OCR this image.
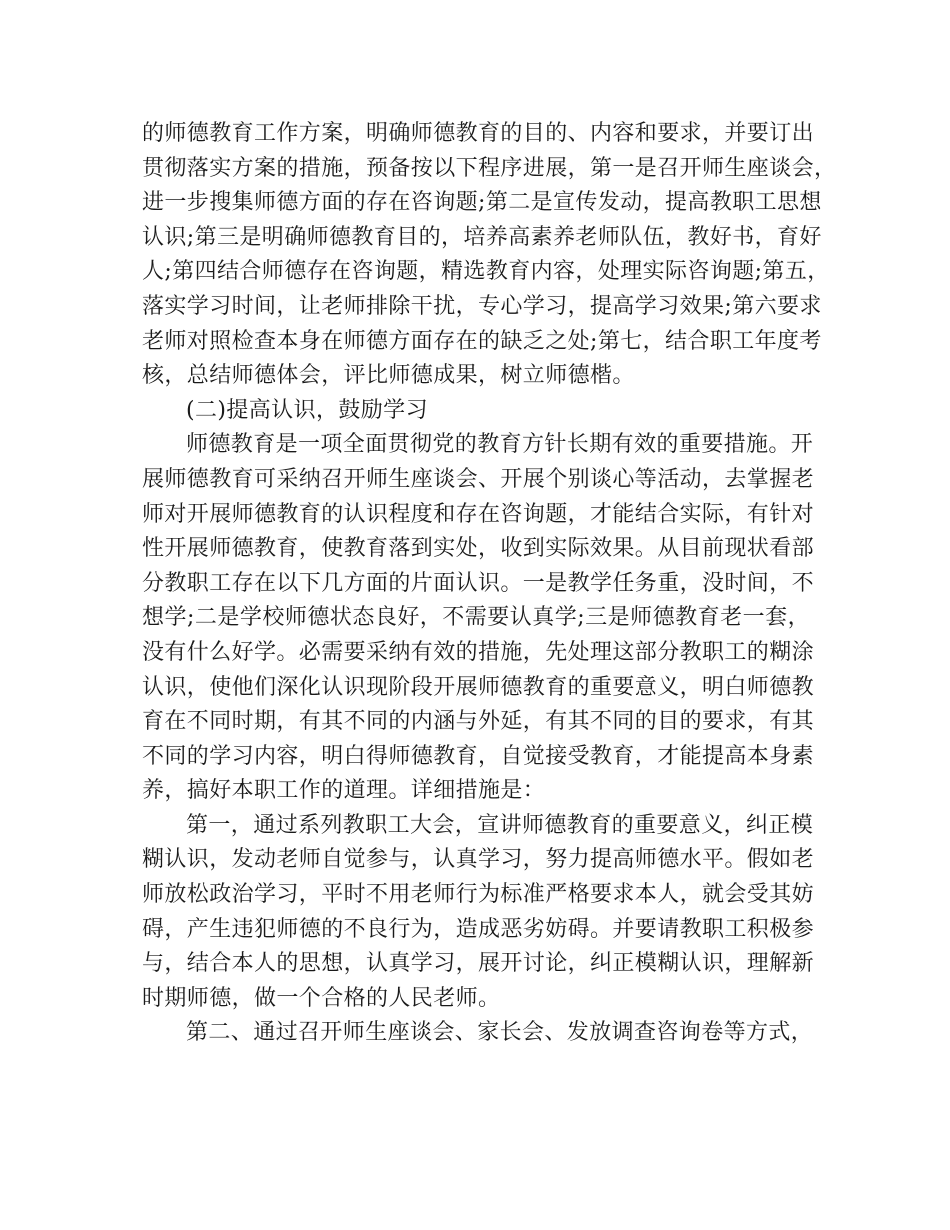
的师德教育工作方案，明确师德教育的目的、内容和要求，并要订出
贯彻落实方案的措施，预备按以下程序进展，第一是召开师生座谈会，
进一步搜集师德方面的存在咨询题;第二是宣传发动，提高教职工思想
认识;第三是明确师德教育目的，培养高素养老师队伍，教好书，育好
人;第四结合师德存在咨询题，精选教育内容，处理实际咨询题;第五，
落实学习时间，让老师排除干扰，专心学习，提高学习效果;第六要求
老师对照检查本身在师德方面存在的缺乏之处;第七，结合职工年度考
核，总结师德体会，评比师德成果，树立师德楷。
(二)提高认识，鼓励学习
师德教育是一项全面贯彻党的教育方针长期有效的重要措施。开
展师德教育可采纳召开师生座谈会、开展个别谈心等活动，去掌握老
师对开展师德教育的认识程度和存在咨询题，才能结合实际，有针对
性开展师德教育，使教育落到实处，收到实际效果。从目前现状看部
分教职工存在以下几方面的片面认识。一是教学任务重，没时间，不
想学;二是学校师德状态良好，不需要认真学;三是师德教育老一套，
没有什么好学。必需要采纳有效的措施，先处理这部分教职工的糊涂
认识，使他们深化认识现阶段开展师德教育的重要意义，明白师德教
育在不同时期，有其不同的内涵与外延，有其不同的目的要求，有其
不同的学习内容，明白得师德教育，自觉接受教育，才能提高本身素
养，搞好本职工作的道理。详细措施是：
第一，通过系列教职工大会，宣讲师德教育的重要意义，纠正模
糊认识，发动老师自觉参与，认真学习，努力提高师德水平。假如老
师放松政治学习，平时不用老师行为标准严格要求本人，就会受其妨
碍，产生违犯师德的不良行为，造成恶劣妨碍。并要请教职工积极参
与，结合本人的思想，认真学习，展开讨论，纠正模糊认识，理解新
时期师德，做一个合格的人民老师。
第二、通过召开师生座谈会、家长会、发放调查咨询卷等方式，
